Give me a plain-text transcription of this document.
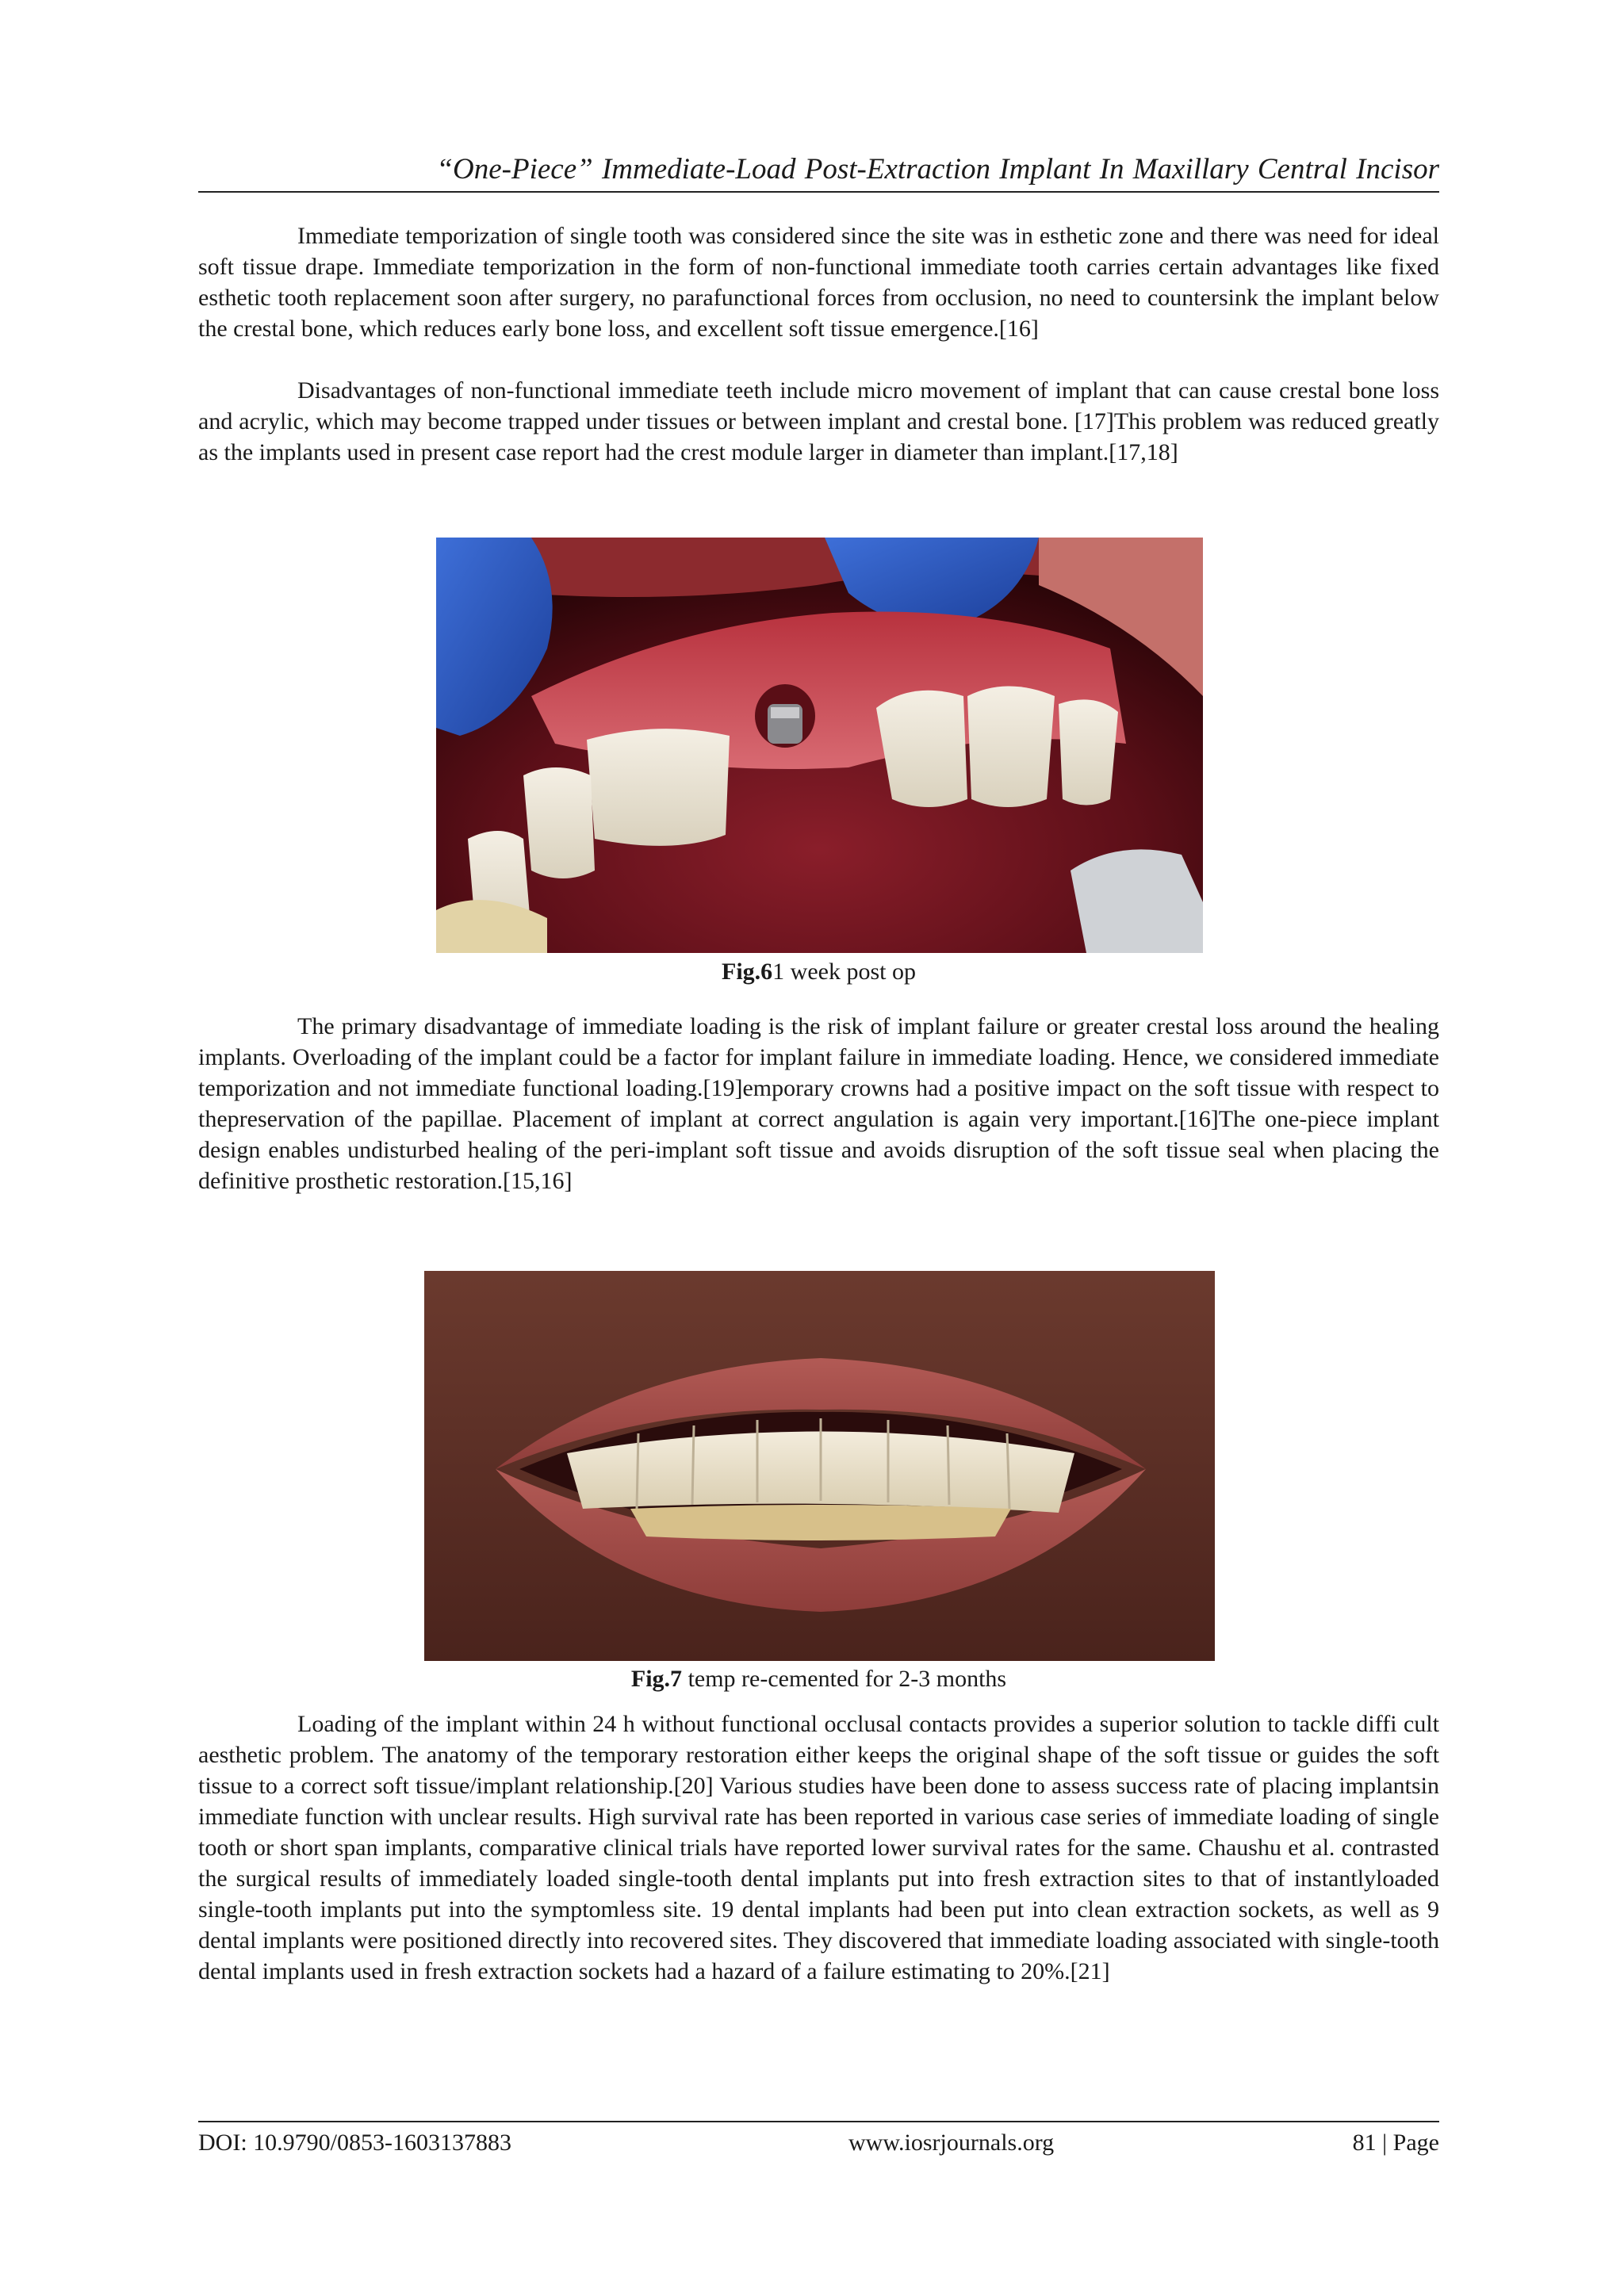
“One-Piece” Immediate-Load Post-Extraction Implant In Maxillary Central Incisor

Immediate temporization of single tooth was considered since the site was in esthetic zone and there was need for ideal soft tissue drape. Immediate temporization in the form of non-functional immediate tooth carries certain advantages like fixed esthetic tooth replacement soon after surgery, no parafunctional forces from occlusion, no need to countersink the implant below the crestal bone, which reduces early bone loss, and excellent soft tissue emergence.[16]

Disadvantages of non-functional immediate teeth include micro movement of implant that can cause crestal bone loss and acrylic, which may become trapped under tissues or between implant and crestal bone. [17]This problem was reduced greatly as the implants used in present case report had the crest module larger in diameter than implant.[17,18]

Fig.61 week post op

The primary disadvantage of immediate loading is the risk of implant failure or greater crestal loss around the healing implants. Overloading of the implant could be a factor for implant failure in immediate loading. Hence, we considered immediate temporization and not immediate functional loading.[19]emporary crowns had a positive impact on the soft tissue with respect to thepreservation of the papillae. Placement of implant at correct angulation is again very important.[16]The one-piece implant design enables undisturbed healing of the peri-implant soft tissue and avoids disruption of the soft tissue seal when placing the definitive prosthetic restoration.[15,16]

Fig.7 temp re-cemented for 2-3 months

Loading of the implant within 24 h without functional occlusal contacts provides a superior solution to tackle diffi cult aesthetic problem. The anatomy of the temporary restoration either keeps the original shape of the soft tissue or guides the soft tissue to a correct soft tissue/implant relationship.[20] Various studies have been done to assess success rate of placing implantsin immediate function with unclear results. High survival rate has been reported in various case series of immediate loading of single tooth or short span implants, comparative clinical trials have reported lower survival rates for the same. Chaushu et al. contrasted the surgical results of immediately loaded single-tooth dental implants put into fresh extraction sites to that of instantlyloaded single-tooth implants put into the symptomless site. 19 dental implants had been put into clean extraction sockets, as well as 9 dental implants were positioned directly into recovered sites. They discovered that immediate loading associated with single-tooth dental implants used in fresh extraction sockets had a hazard of a failure estimating to 20%.[21]

DOI: 10.9790/0853-1603137883	www.iosrjournals.org	81 | Page
